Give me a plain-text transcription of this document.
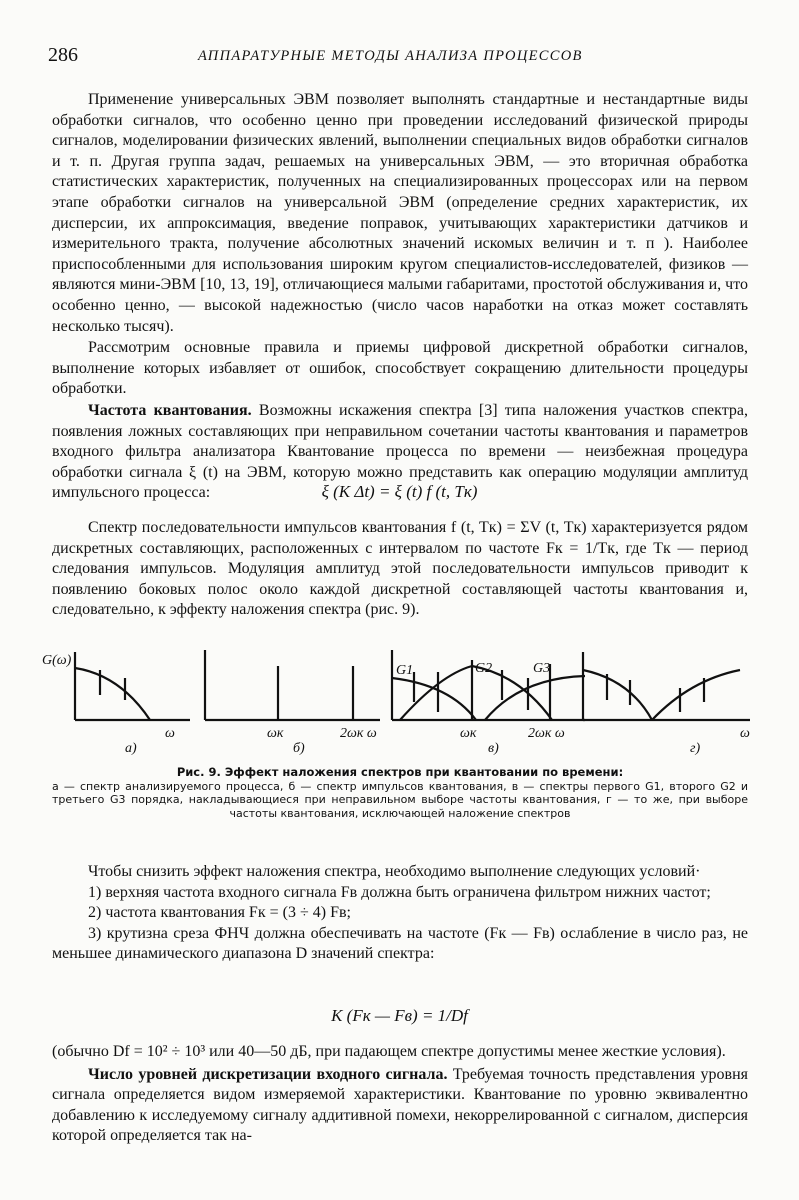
286	АППАРАТУРНЫЕ МЕТОДЫ АНАЛИЗА ПРОЦЕССОВ

Применение универсальных ЭВМ позволяет выполнять стандартные и нестандартные виды обработки сигналов, что особенно ценно при проведении исследований физической природы сигналов, моделировании физических явлений, выполнении специальных видов обработки сигналов и т. п. Другая группа задач, решаемых на универсальных ЭВМ, — это вторичная обработка статистических характеристик, полученных на специализированных процессорах или на первом этапе обработки сигналов на универсальной ЭВМ (определение средних характеристик, их дисперсии, их аппроксимация, введение поправок, учитывающих характеристики датчиков и измерительного тракта, получение абсолютных значений искомых величин и т. п ). Наиболее приспособленными для использования широким кругом специалистов-исследователей, физиков — являются мини-ЭВМ [10, 13, 19], отличающиеся малыми габаритами, простотой обслуживания и, что особенно ценно, — высокой надежностью (число часов наработки на отказ может составлять несколько тысяч).

Рассмотрим основные правила и приемы цифровой дискретной обработки сигналов, выполнение которых избавляет от ошибок, способствует сокращению длительности процедуры обработки.

Частота квантования. Возможны искажения спектра [3] типа наложения участков спектра, появления ложных составляющих при неправильном сочетании частоты квантования и параметров входного фильтра анализатора Квантование процесса по времени — неизбежная процедура обработки сигнала ξ (t) на ЭВМ, которую можно представить как операцию модуляции амплитуд импульсного процесса:	ξ (K Δt) = ξ (t) f (t, Tк)

Спектр последовательности импульсов квантования f (t, Tк) = ΣV (t, Tк) характеризуется рядом дискретных составляющих, расположенных с интервалом по частоте Fк = 1/Tк, где Tк — период следования импульсов. Модуляция амплитуд этой последовательности импульсов приводит к появлению боковых полос около каждой дискретной составляющей частоты квантования и, следовательно, к эффекту наложения спектра (рис. 9).

G(ω)
ω	ωк	2ωк ω
G1	G2	G3
ωк	2ωк ω	ω
а)	б)	в)	г)
Рис. 9. Эффект наложения спектров при квантовании по времени:
а — спектр анализируемого процесса, б — спектр импульсов квантования, в — спектры первого G1, второго G2 и третьего G3 порядка, накладывающиеся при неправильном выборе частоты квантования, г — то же, при выборе частоты квантования, исключающей наложение спектров

Чтобы снизить эффект наложения спектра, необходимо выполнение следующих условий·

1) верхняя частота входного сигнала Fв должна быть ограничена фильтром нижних частот;

2) частота квантования Fк = (3 ÷ 4) Fв;

3) крутизна среза ФНЧ должна обеспечивать на частоте (Fк — Fв) ослабление в число раз, не меньшее динамического диапазона D значений спектра:

K (Fк — Fв) = 1/Df

(обычно Df = 10² ÷ 10³ или 40—50 дБ, при падающем спектре допустимы менее жесткие условия).

Число уровней дискретизации входного сигнала. Требуемая точность представления уровня сигнала определяется видом измеряемой характеристики. Квантование по уровню эквивалентно добавлению к исследуемому сигналу аддитивной помехи, некоррелированной с сигналом, дисперсия которой определяется так на-
